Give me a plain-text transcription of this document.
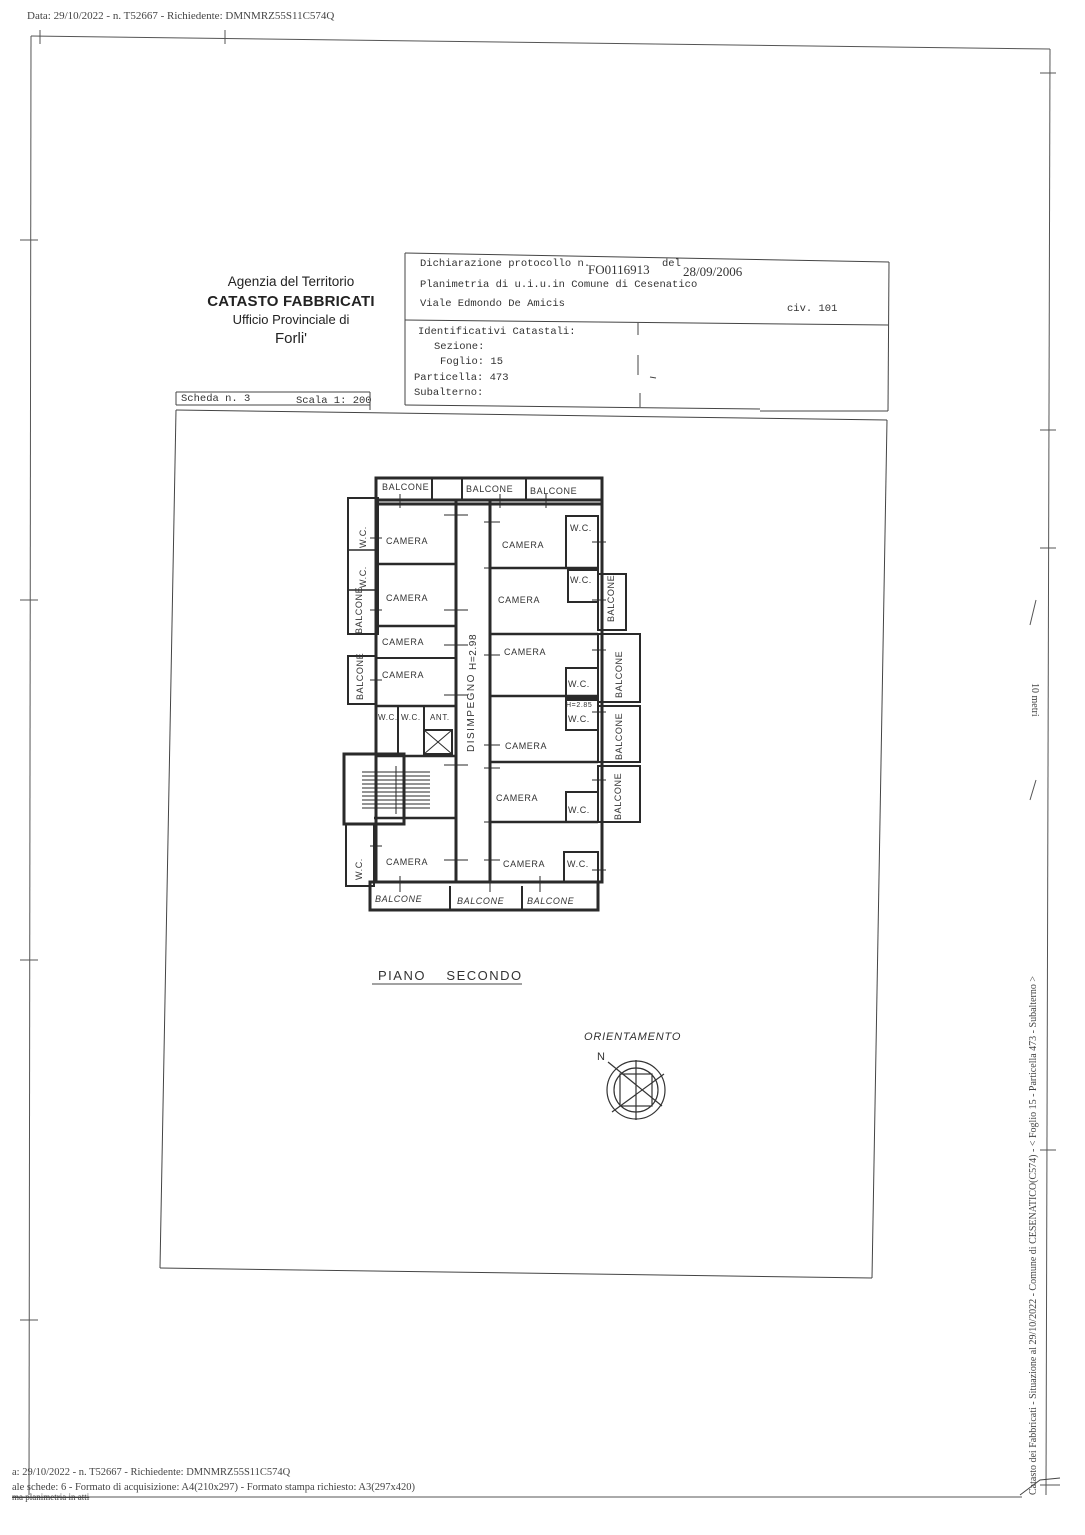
Data: 29/10/2022 - n. T52667 - Richiedente: DMNMRZ55S11C574Q
Agenzia del Territorio
CATASTO FABBRICATI
Ufficio Provinciale di
Forli'
Dichiarazione protocollo n.
FO0116913 del 28/09/2006
Planimetria di u.i.u.in Comune di Cesenatico
Viale Edmondo De Amicis	civ. 101
Identificativi Catastali:
Sezione:
Foglio: 15
Particella: 473
Subalterno:
Scheda n. 3	Scala 1: 200
BALCONE	BALCONE BALCONE
CAMERA
CAMERA
CAMERA
CAMERA
CAMERA
CAMERA
CAMERA
CAMERA
CAMERA
CAMERA
CAMERA
W.C.
W.C.
W.C.
W.C.
W.C.
W.C.
W.C. W.C. ANT.
H=2.85
BALCONE	BALCONE	BALCONE
W.C.
W.C.
BALCONE
BALCONE
W.C.
BALCONE
BALCONE
BALCONE
BALCONE
DISIMPEGNO
H=2.98
PIANO    SECONDO
ORIENTAMENTO
N
10 metri
Catasto dei Fabbricati - Situazione al 29/10/2022 - Comune di CESENATICO(C574) - < Foglio 15 - Particella 473 - Subalterno >
a: 29/10/2022 - n. T52667 - Richiedente: DMNMRZ55S11C574Q
ale schede: 6 - Formato di acquisizione: A4(210x297) - Formato stampa richiesto: A3(297x420)
ma planimetria in atti
